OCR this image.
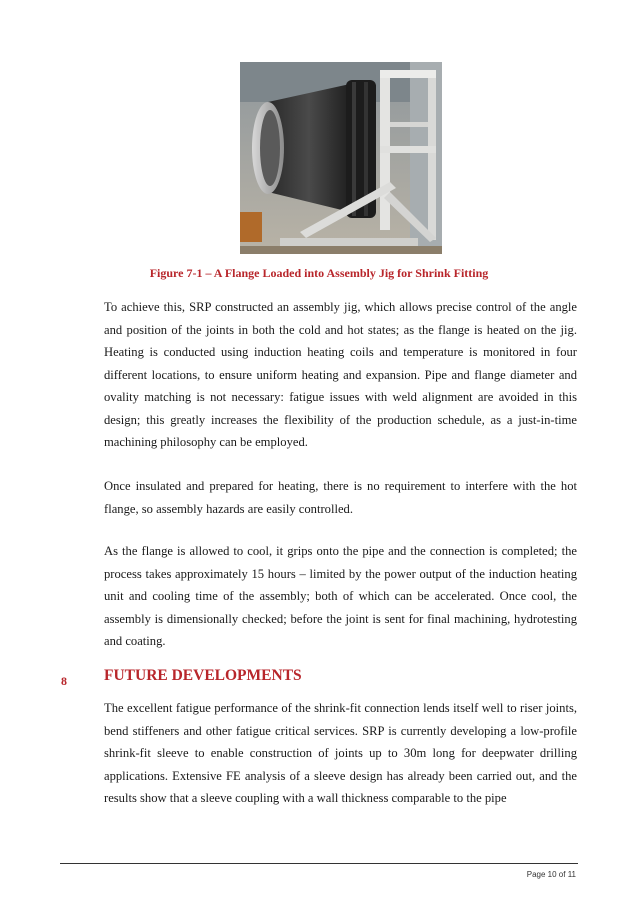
Figure 7-1 – A Flange Loaded into Assembly Jig for Shrink Fitting

To achieve this, SRP constructed an assembly jig, which allows precise control of the angle and position of the joints in both the cold and hot states; as the flange is heated on the jig. Heating is conducted using induction heating coils and temperature is monitored in four different locations, to ensure uniform heating and expansion. Pipe and flange diameter and ovality matching is not necessary: fatigue issues with weld alignment are avoided in this design; this greatly increases the flexibility of the production schedule, as a just-in-time machining philosophy can be employed.

Once insulated and prepared for heating, there is no requirement to interfere with the hot flange, so assembly hazards are easily controlled.

As the flange is allowed to cool, it grips onto the pipe and the connection is completed; the process takes approximately 15 hours – limited by the power output of the induction heating unit and cooling time of the assembly; both of which can be accelerated. Once cool, the assembly is dimensionally checked; before the joint is sent for final machining, hydrotesting and coating.

8 FUTURE DEVELOPMENTS

The excellent fatigue performance of the shrink-fit connection lends itself well to riser joints, bend stiffeners and other fatigue critical services. SRP is currently developing a low-profile shrink-fit sleeve to enable construction of joints up to 30m long for deepwater drilling applications. Extensive FE analysis of a sleeve design has already been carried out, and the results show that a sleeve coupling with a wall thickness comparable to the pipe

Page 10 of 11
